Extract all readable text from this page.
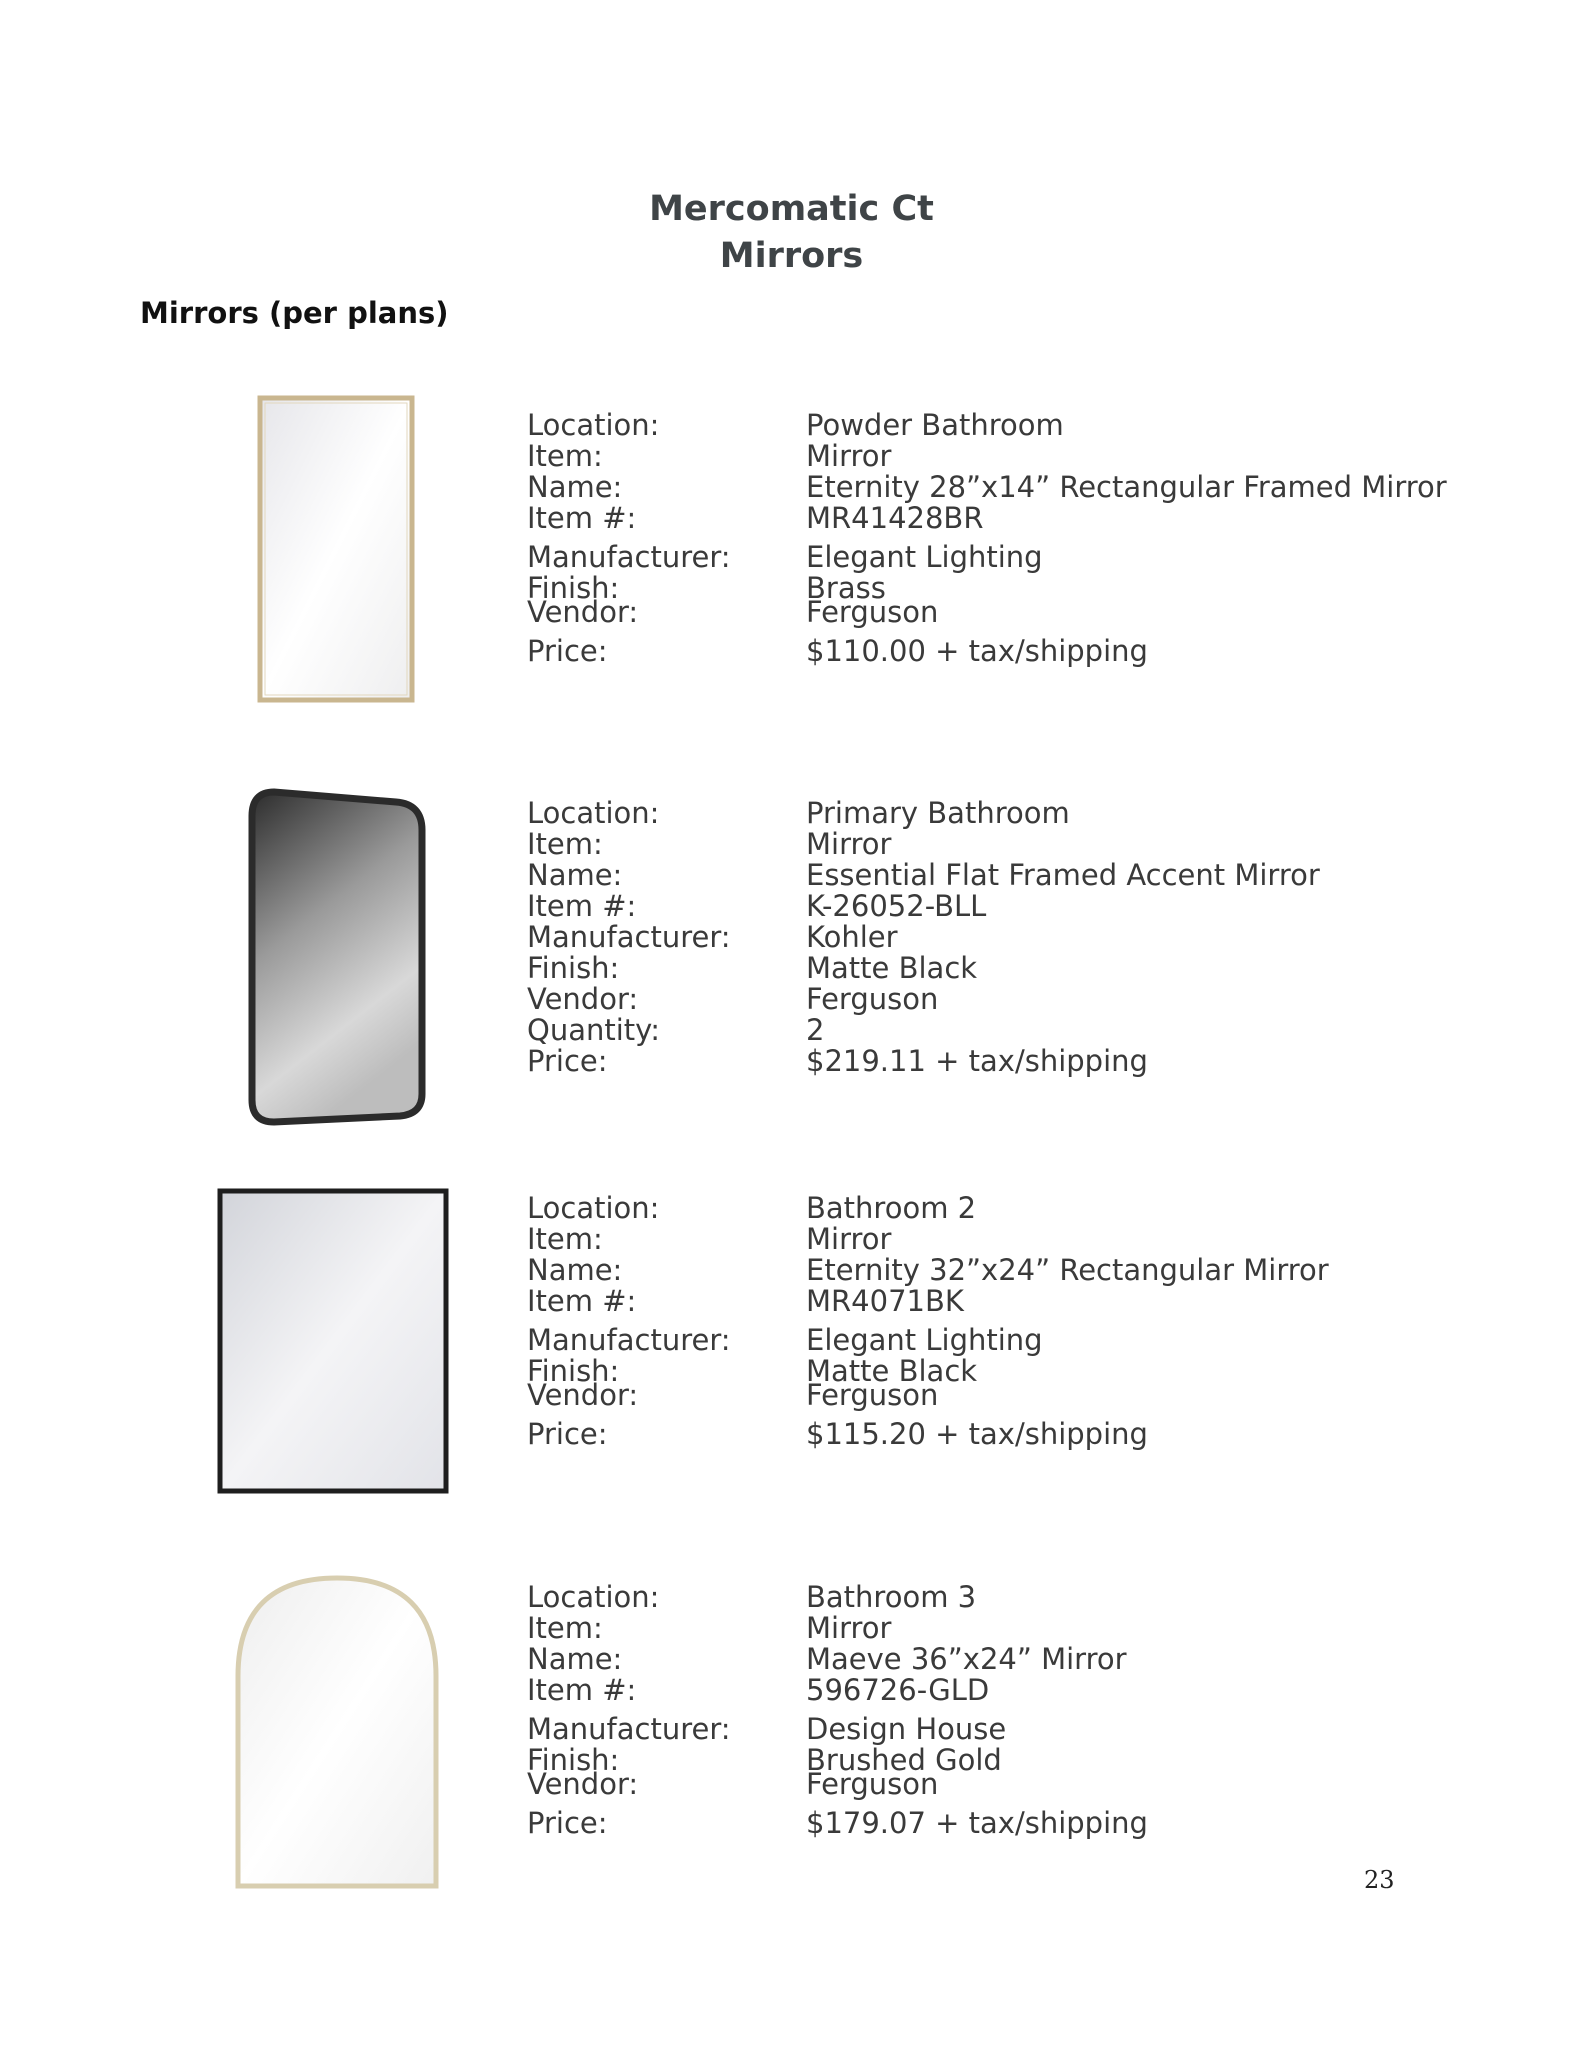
Mercomatic Ct
Mirrors
Mirrors (per plans)
Location:
Item:
Name:
Item #:
Manufacturer:
Finish:
Vendor:
Price:
Powder Bathroom
Mirror
Eternity 28”x14” Rectangular Framed Mirror
MR41428BR
Elegant Lighting
Brass
Ferguson
$110.00 + tax/shipping
Location:
Item:
Name:
Item #:
Manufacturer:
Finish:
Vendor:
Quantity:
Price:
Primary Bathroom
Mirror
Essential Flat Framed Accent Mirror
K-26052-BLL
Kohler
Matte Black
Ferguson
2
$219.11 + tax/shipping
Location:
Item:
Name:
Item #:
Manufacturer:
Finish:
Vendor:
Price:
Bathroom 2
Mirror
Eternity 32”x24” Rectangular Mirror
MR4071BK
Elegant Lighting
Matte Black
Ferguson
$115.20 + tax/shipping
Location:
Item:
Name:
Item #:
Manufacturer:
Finish:
Vendor:
Price:
Bathroom 3
Mirror
Maeve 36”x24” Mirror
596726-GLD
Design House
Brushed Gold
Ferguson
$179.07 + tax/shipping
23
